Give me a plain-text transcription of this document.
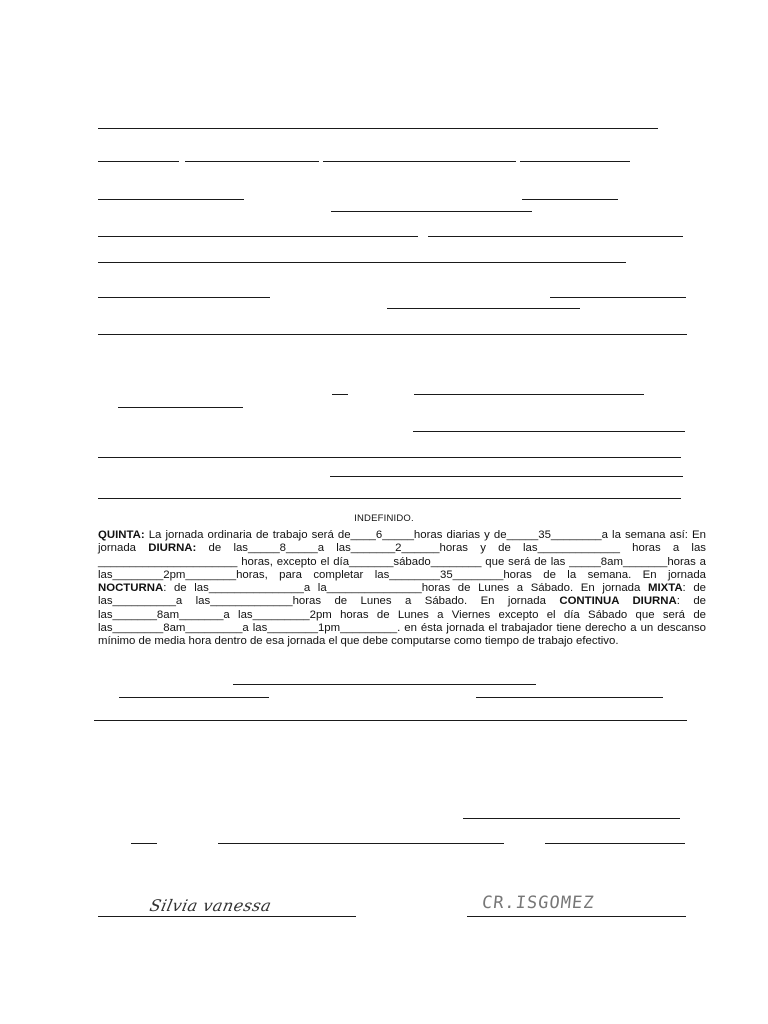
INDEFINIDO.
QUINTA: La jornada ordinaria de trabajo será de____6_____horas diarias y de_____35________a la semana así: En jornada DIURNA: de las_____8_____a las_______2______horas y de las_____________ horas a las ______________________ horas, excepto el día_______sábado________ que será de las _____8am_______horas a las________2pm________horas, para completar las________35________horas de la semana. En jornada NOCTURNA: de las_______________a la_______________horas de Lunes a Sábado. En jornada MIXTA: de las__________a las_____________horas de Lunes a Sábado. En jornada CONTINUA DIURNA: de las_______8am_______a las_________2pm horas de Lunes a Viernes excepto el día Sábado que será de las________8am_________a las________1pm_________. en ésta jornada el trabajador tiene derecho a un descanso mínimo de media hora dentro de esa jornada el que debe computarse como tiempo de trabajo efectivo.
Silvia vanessa	CR.ISGOMEZ
